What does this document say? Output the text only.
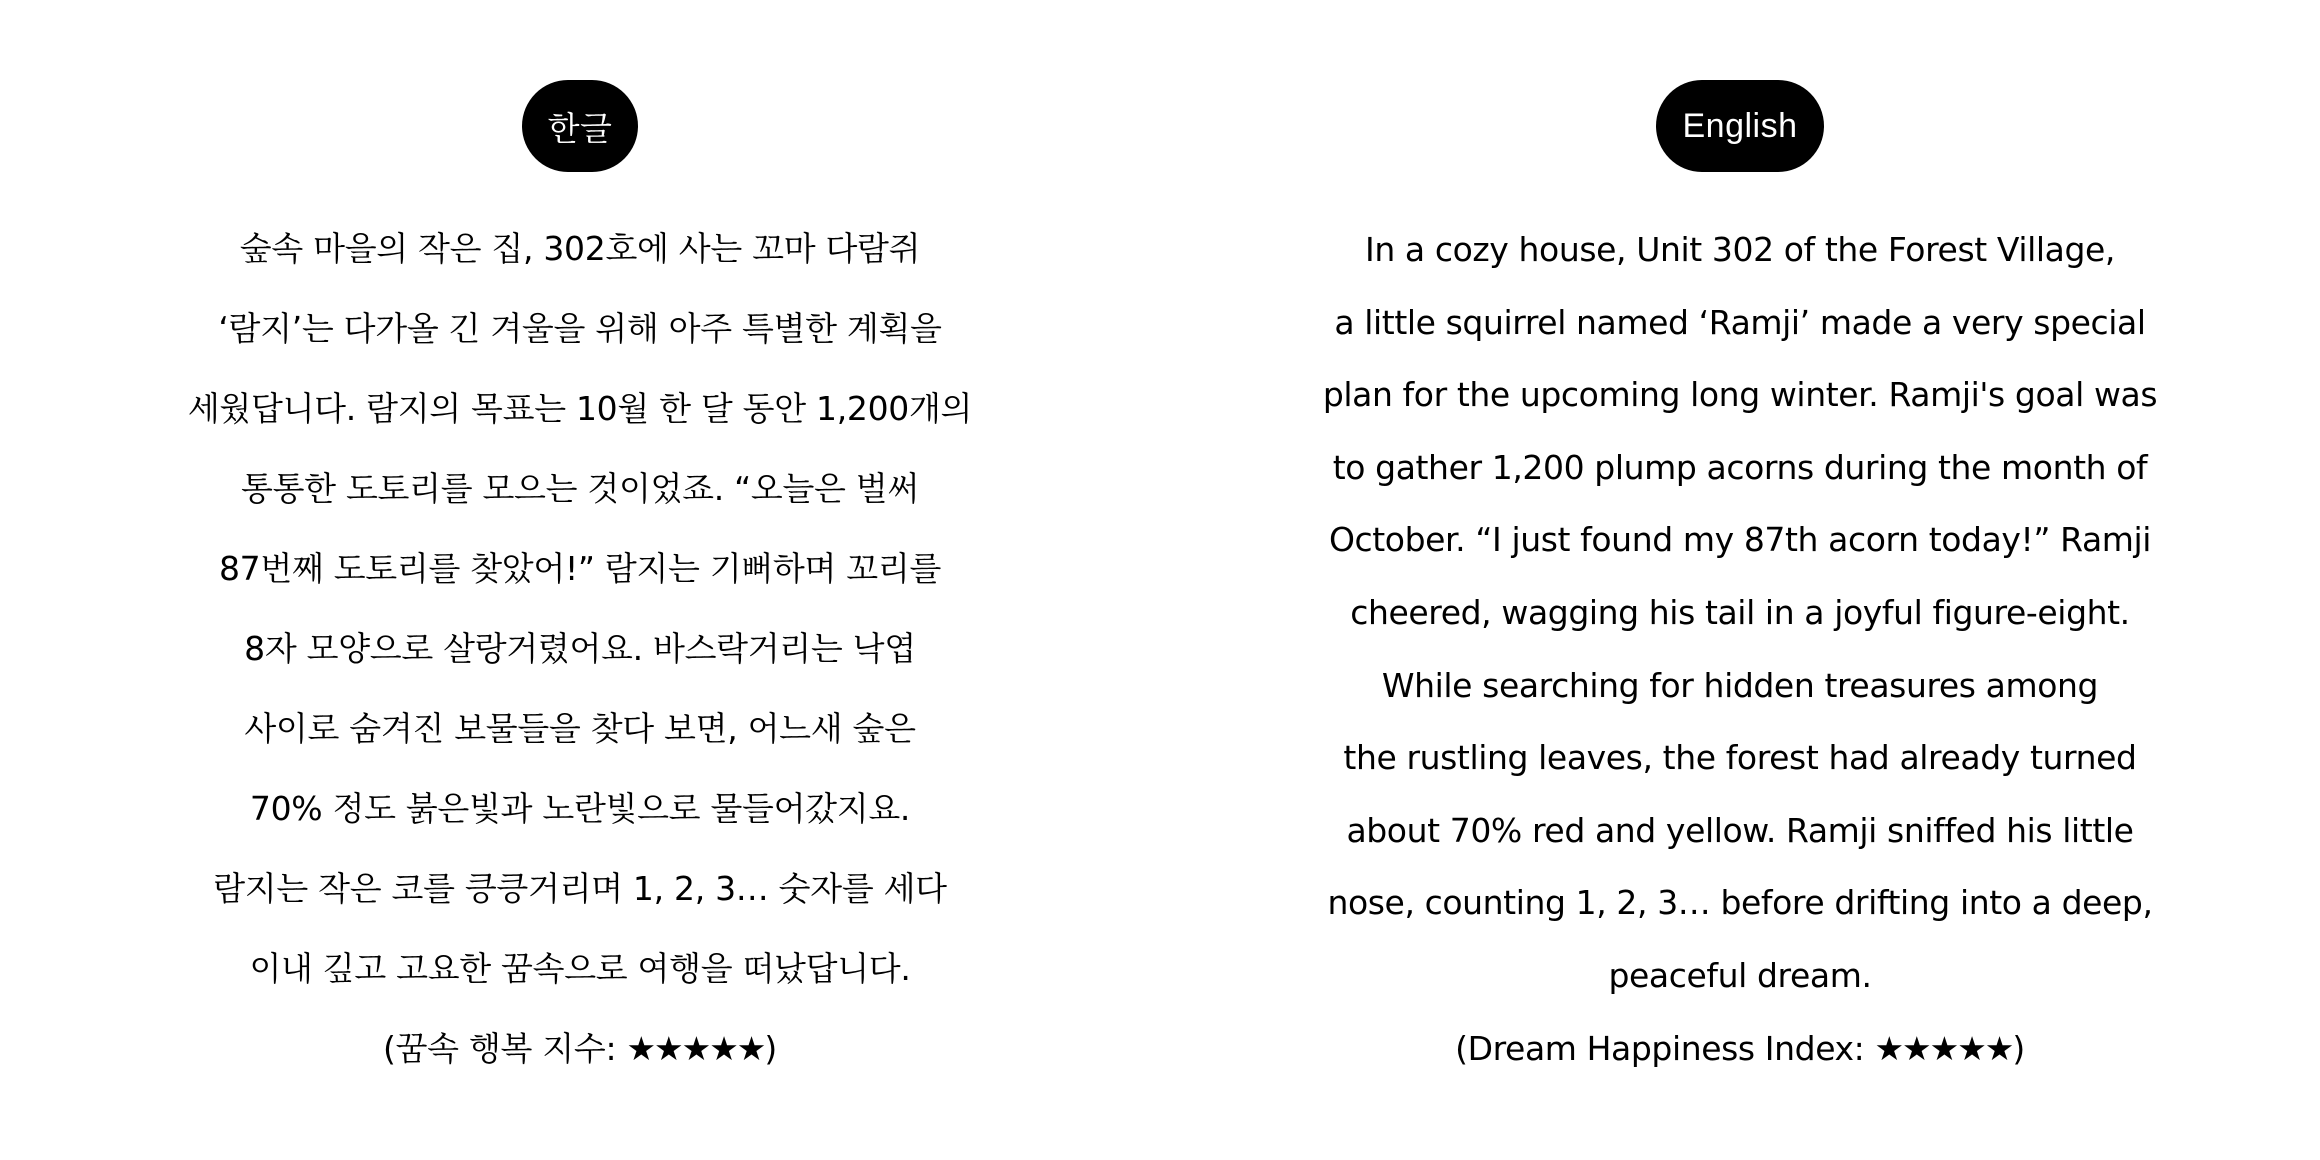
한글
숲속 마을의 작은 집, 302호에 사는 꼬마 다람쥐
‘람지’는 다가올 긴 겨울을 위해 아주 특별한 계획을
세웠답니다. 람지의 목표는 10월 한 달 동안 1,200개의
통통한 도토리를 모으는 것이었죠. “오늘은 벌써
87번째 도토리를 찾았어!” 람지는 기뻐하며 꼬리를
8자 모양으로 살랑거렸어요. 바스락거리는 낙엽
사이로 숨겨진 보물들을 찾다 보면, 어느새 숲은
70% 정도 붉은빛과 노란빛으로 물들어갔지요.
람지는 작은 코를 킁킁거리며 1, 2, 3… 숫자를 세다
이내 깊고 고요한 꿈속으로 여행을 떠났답니다.
(꿈속 행복 지수: ★★★★★)
English
In a cozy house, Unit 302 of the Forest Village,
a little squirrel named ‘Ramji’ made a very special
plan for the upcoming long winter. Ramji's goal was
to gather 1,200 plump acorns during the month of
October. “I just found my 87th acorn today!” Ramji
cheered, wagging his tail in a joyful figure-eight.
While searching for hidden treasures among
the rustling leaves, the forest had already turned
about 70% red and yellow. Ramji sniffed his little
nose, counting 1, 2, 3… before drifting into a deep,
peaceful dream.
(Dream Happiness Index: ★★★★★)
